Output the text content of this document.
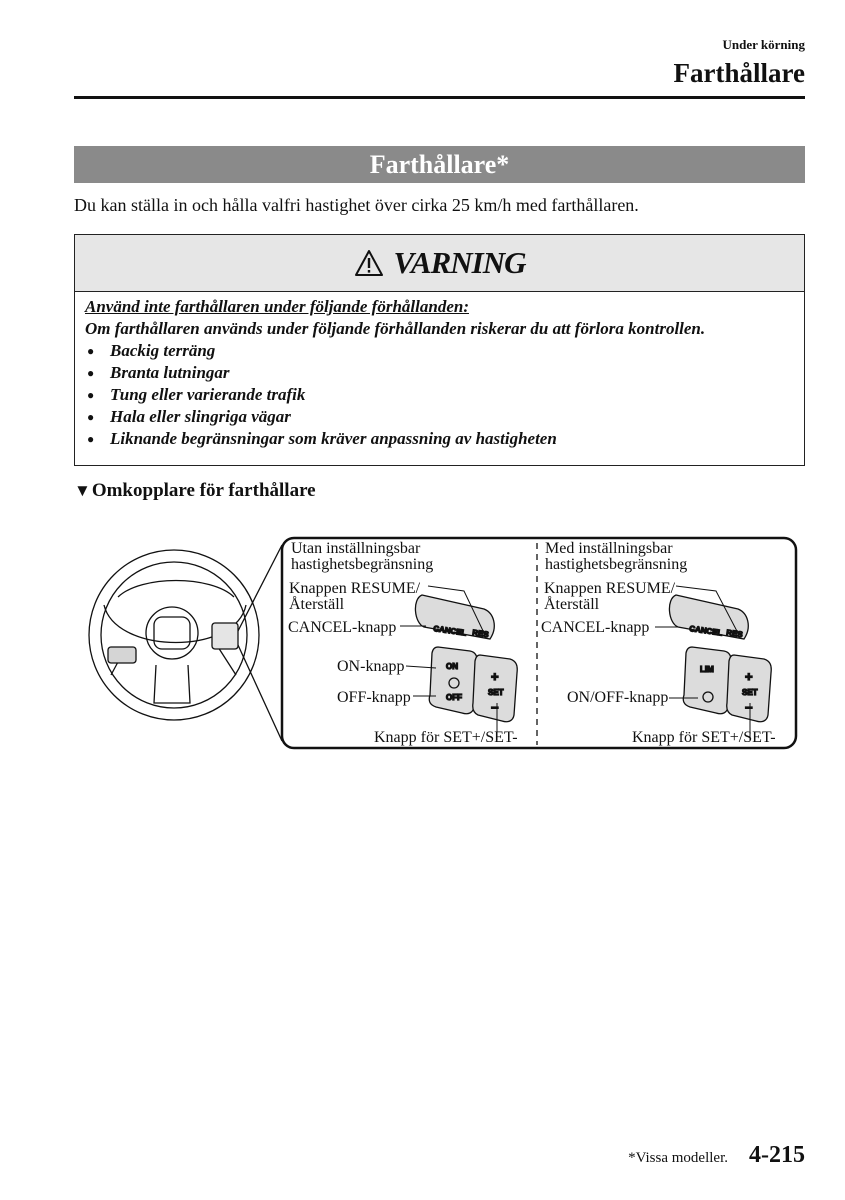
Under körning
Farthållare
Farthållare*
Du kan ställa in och hålla valfri hastighet över cirka 25 km/h med farthållaren.
VARNING
Använd inte farthållaren under följande förhållanden:
Om farthållaren används under följande förhållanden riskerar du att förlora kontrollen.
● Backig terräng
● Branta lutningar
● Tung eller varierande trafik
● Hala eller slingriga vägar
● Liknande begränsningar som kräver anpassning av hastigheten
▼Omkopplare för farthållare
CANCEL RES
ON
OFF
+
SET
−
CANCEL RES
LIM +
SET
−
Utan inställningsbar
hastighetsbegränsning
Knappen RESUME/
Återställ
CANCEL-knapp
ON-knapp
OFF-knapp
Knapp för SET+/SET-
Med inställningsbar
hastighetsbegränsning
Knappen RESUME/
Återställ
CANCEL-knapp
ON/OFF-knapp
Knapp för SET+/SET-
*Vissa modeller. 4-215
